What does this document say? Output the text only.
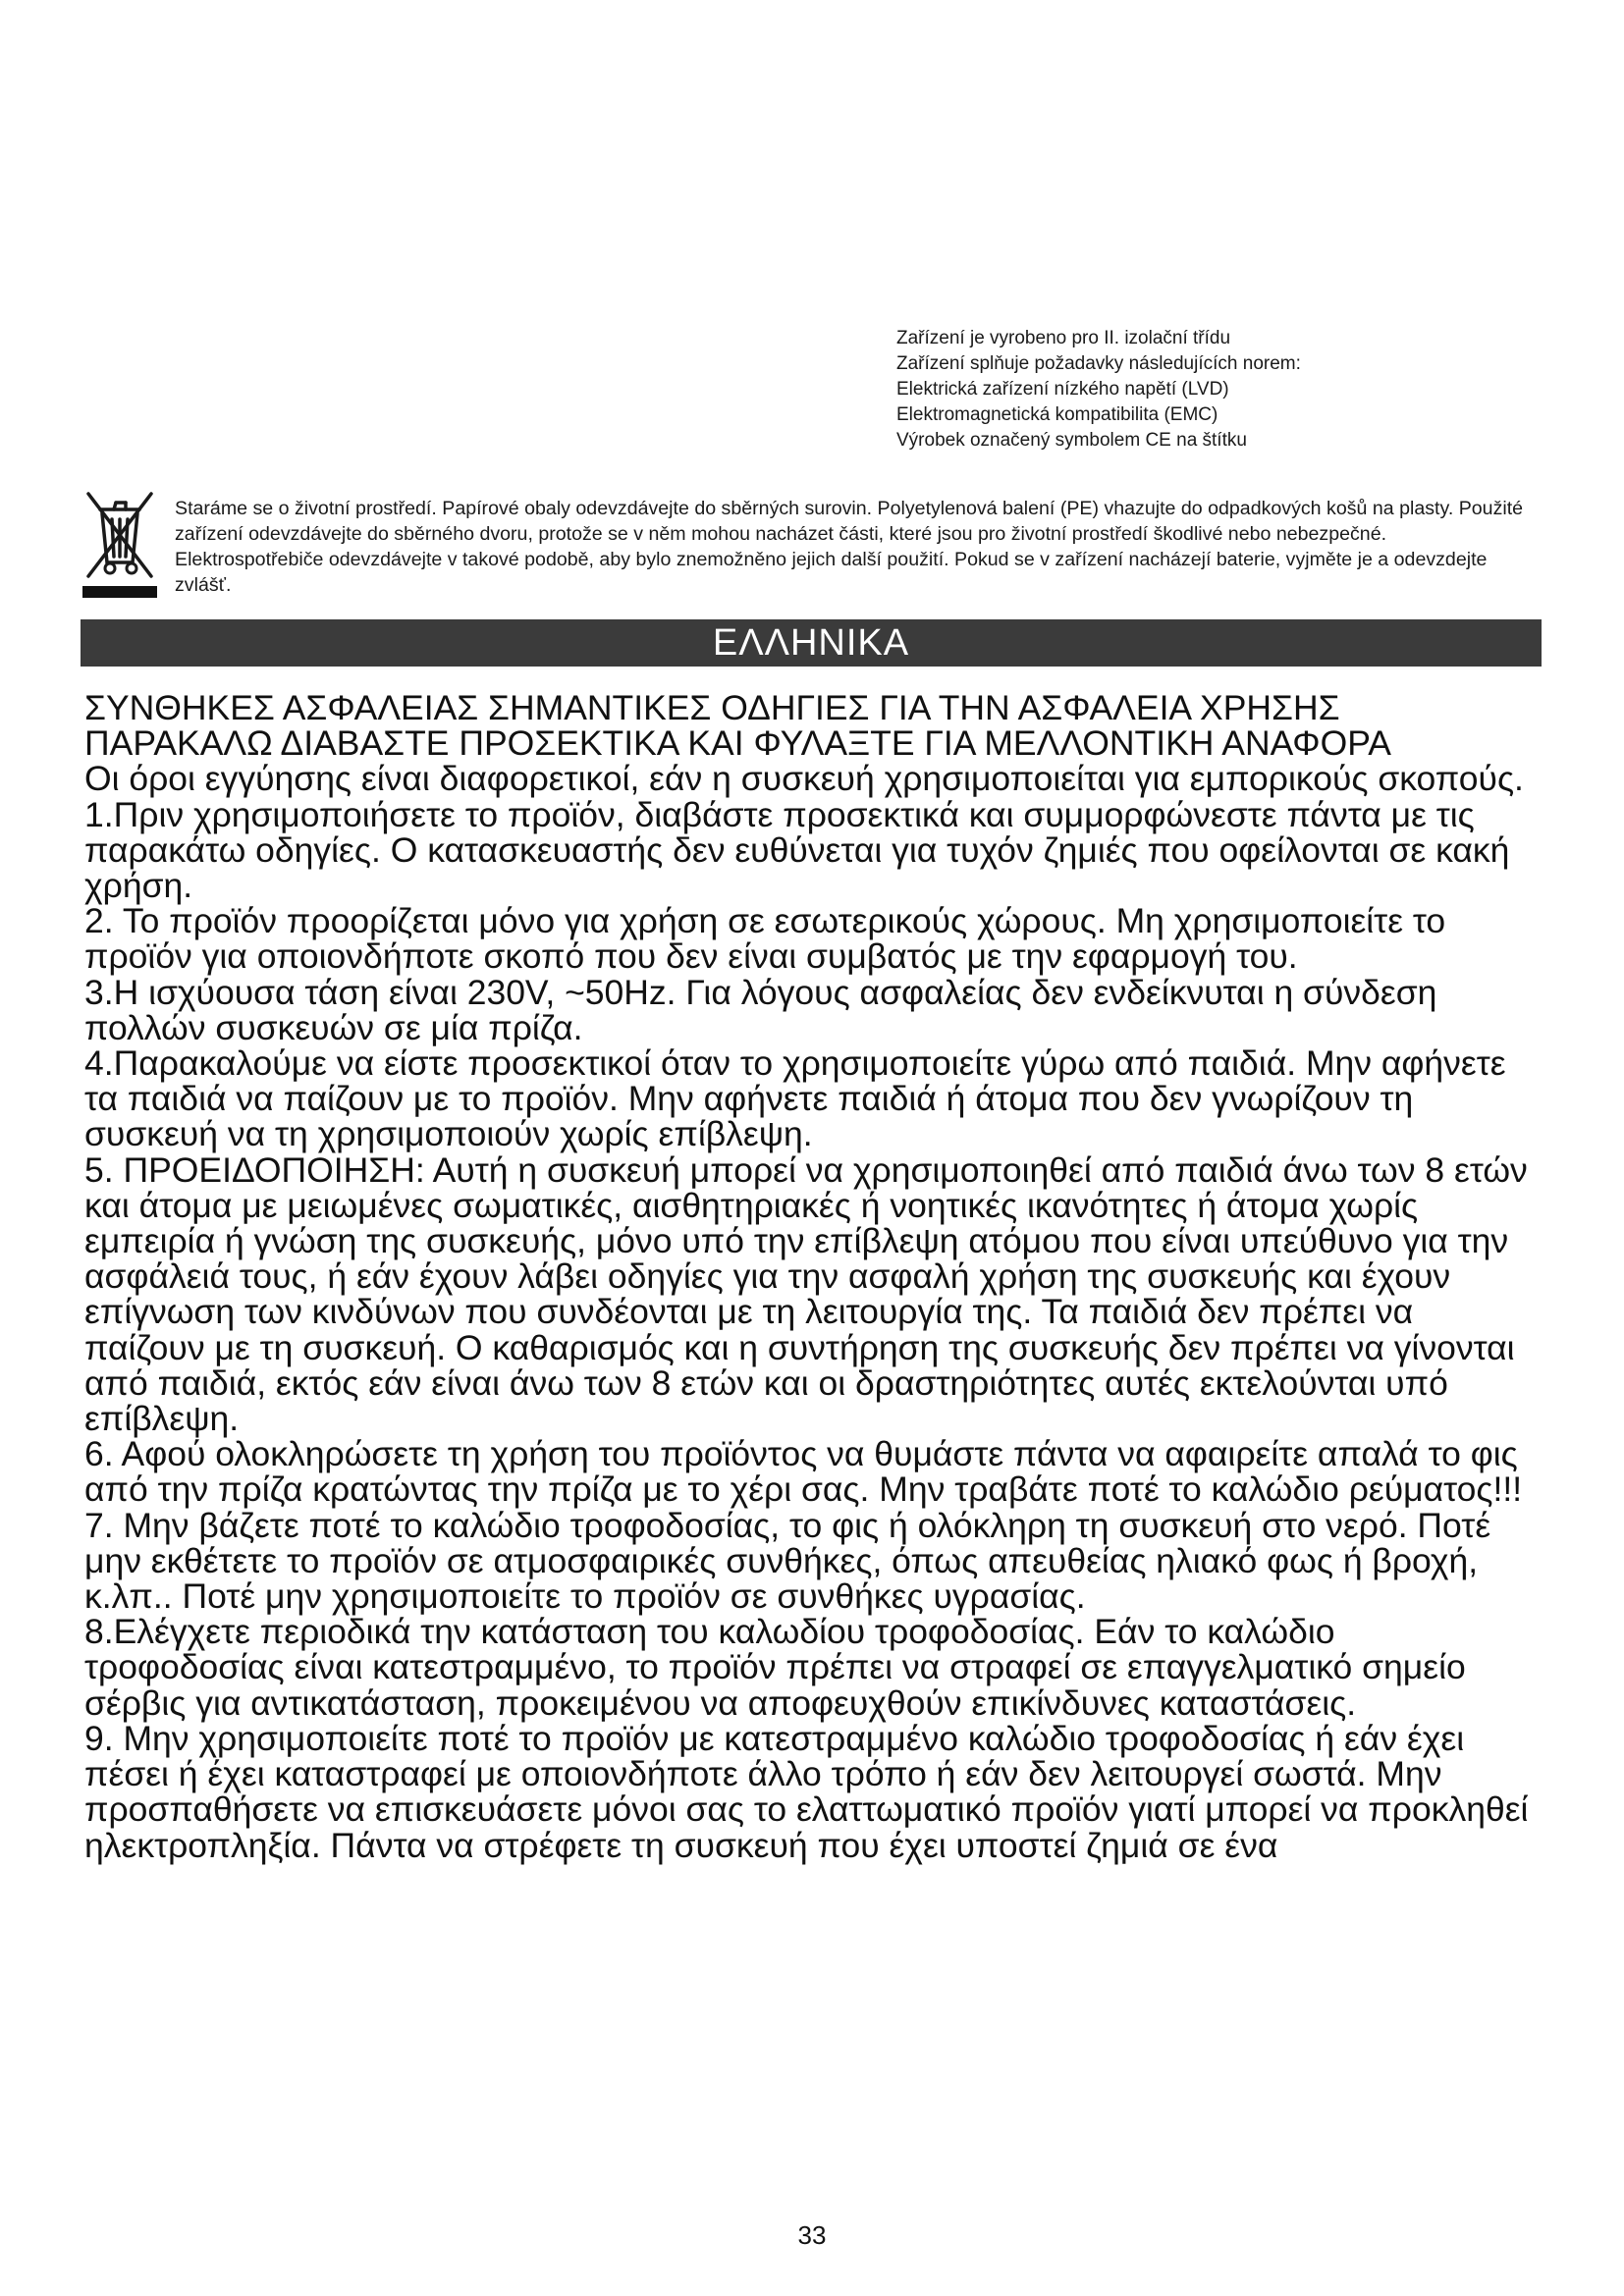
Zařízení je vyrobeno pro II. izolační třídu
Zařízení splňuje požadavky následujících norem:
Elektrická zařízení nízkého napětí (LVD)
Elektromagnetická kompatibilita (EMC)
Výrobek označený symbolem CE na štítku
Staráme se o životní prostředí. Papírové obaly odevzdávejte do sběrných surovin. Polyetylenová balení (PE) vhazujte do odpadkových košů na plasty. Použité zařízení odevzdávejte do sběrného dvoru, protože se v něm mohou nacházet části, které jsou pro životní prostředí škodlivé nebo nebezpečné. Elektrospotřebiče odevzdávejte v takové podobě, aby bylo znemožněno jejich další použití. Pokud se v zařízení nacházejí baterie, vyjměte je a odevzdejte zvlášť.
ΕΛΛΗΝΙΚΑ

ΣΥΝΘΗΚΕΣ ΑΣΦΑΛΕΙΑΣ ΣΗΜΑΝΤΙΚΕΣ ΟΔΗΓΙΕΣ ΓΙΑ ΤΗΝ ΑΣΦΑΛΕΙΑ ΧΡΗΣΗΣ

ΠΑΡΑΚΑΛΩ ΔΙΑΒΑΣΤΕ ΠΡΟΣΕΚΤΙΚΑ ΚΑΙ ΦΥΛΑΞΤΕ ΓΙΑ ΜΕΛΛΟΝΤΙΚΗ ΑΝΑΦΟΡΑ

Οι όροι εγγύησης είναι διαφορετικοί, εάν η συσκευή χρησιμοποιείται για εμπορικούς σκοπούς.

1.Πριν χρησιμοποιήσετε το προϊόν, διαβάστε προσεκτικά και συμμορφώνεστε πάντα με τις παρακάτω οδηγίες. Ο κατασκευαστής δεν ευθύνεται για τυχόν ζημιές που οφείλονται σε κακή χρήση.

2. Το προϊόν προορίζεται μόνο για χρήση σε εσωτερικούς χώρους. Μη χρησιμοποιείτε το προϊόν για οποιονδήποτε σκοπό που δεν είναι συμβατός με την εφαρμογή του.

3.Η ισχύουσα τάση είναι 230V, ~50Hz. Για λόγους ασφαλείας δεν ενδείκνυται η σύνδεση πολλών συσκευών σε μία πρίζα.

4.Παρακαλούμε να είστε προσεκτικοί όταν το χρησιμοποιείτε γύρω από παιδιά. Μην αφήνετε τα παιδιά να παίζουν με το προϊόν. Μην αφήνετε παιδιά ή άτομα που δεν γνωρίζουν τη συσκευή να τη χρησιμοποιούν χωρίς επίβλεψη.

5. ΠΡΟΕΙΔΟΠΟΙΗΣΗ: Αυτή η συσκευή μπορεί να χρησιμοποιηθεί από παιδιά άνω των 8 ετών και άτομα με μειωμένες σωματικές, αισθητηριακές ή νοητικές ικανότητες ή άτομα χωρίς εμπειρία ή γνώση της συσκευής, μόνο υπό την επίβλεψη ατόμου που είναι υπεύθυνο για την ασφάλειά τους, ή εάν έχουν λάβει οδηγίες για την ασφαλή χρήση της συσκευής και έχουν επίγνωση των κινδύνων που συνδέονται με τη λειτουργία της. Τα παιδιά δεν πρέπει να παίζουν με τη συσκευή. Ο καθαρισμός και η συντήρηση της συσκευής δεν πρέπει να γίνονται από παιδιά, εκτός εάν είναι άνω των 8 ετών και οι δραστηριότητες αυτές εκτελούνται υπό επίβλεψη.

6. Αφού ολοκληρώσετε τη χρήση του προϊόντος να θυμάστε πάντα να αφαιρείτε απαλά το φις από την πρίζα κρατώντας την πρίζα με το χέρι σας. Μην τραβάτε ποτέ το καλώδιο ρεύματος!!!

7. Μην βάζετε ποτέ το καλώδιο τροφοδοσίας, το φις ή ολόκληρη τη συσκευή στο νερό. Ποτέ μην εκθέτετε το προϊόν σε ατμοσφαιρικές συνθήκες, όπως απευθείας ηλιακό φως ή βροχή, κ.λπ.. Ποτέ μην χρησιμοποιείτε το προϊόν σε συνθήκες υγρασίας.

8.Ελέγχετε περιοδικά την κατάσταση του καλωδίου τροφοδοσίας. Εάν το καλώδιο τροφοδοσίας είναι κατεστραμμένο, το προϊόν πρέπει να στραφεί σε επαγγελματικό σημείο σέρβις για αντικατάσταση, προκειμένου να αποφευχθούν επικίνδυνες καταστάσεις.

9. Μην χρησιμοποιείτε ποτέ το προϊόν με κατεστραμμένο καλώδιο τροφοδοσίας ή εάν έχει πέσει ή έχει καταστραφεί με οποιονδήποτε άλλο τρόπο ή εάν δεν λειτουργεί σωστά. Μην προσπαθήσετε να επισκευάσετε μόνοι σας το ελαττωματικό προϊόν γιατί μπορεί να προκληθεί ηλεκτροπληξία. Πάντα να στρέφετε τη συσκευή που έχει υποστεί ζημιά σε ένα

33
